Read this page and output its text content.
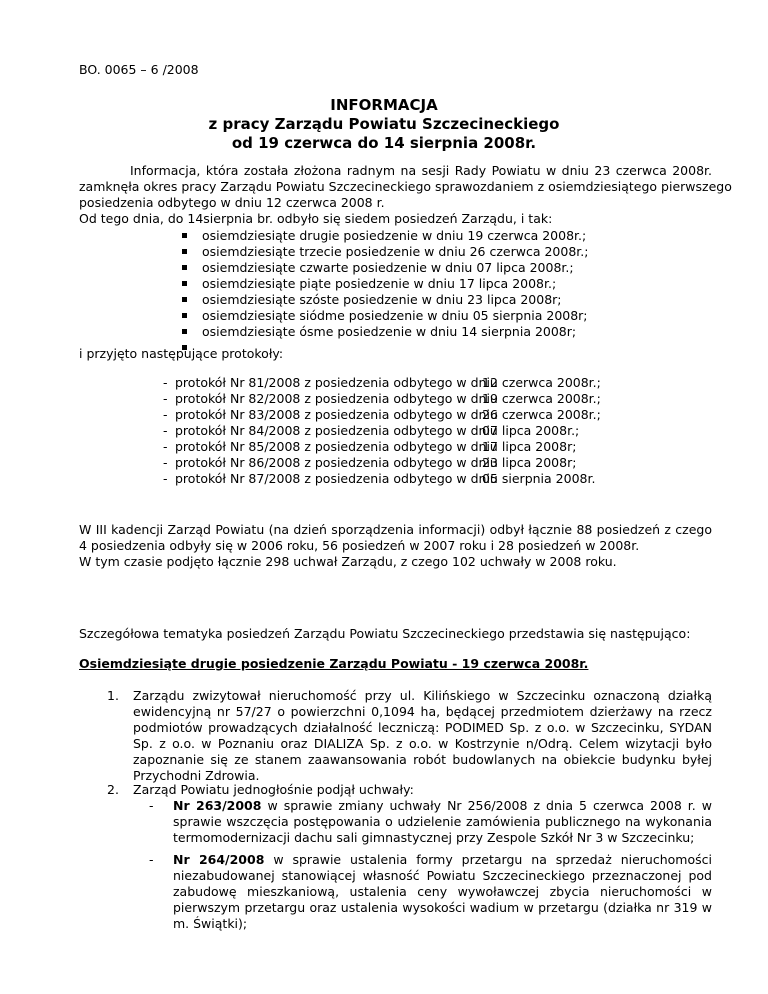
BO. 0065 – 6 /2008
INFORMACJA
z pracy Zarządu Powiatu Szczecineckiego
od 19 czerwca do 14 sierpnia 2008r.

Informacja, która została złożona radnym na sesji Rady Powiatu w dniu 23 czerwca 2008r.

zamknęła okres pracy Zarządu Powiatu Szczecineckiego sprawozdaniem z osiemdziesiątego pierwszego

posiedzenia odbytego w dniu 12 czerwca 2008 r.

Od tego dnia, do 14sierpnia br. odbyło się siedem posiedzeń Zarządu, i tak:

osiemdziesiąte drugie posiedzenie w dniu 19 czerwca 2008r.;
osiemdziesiąte trzecie posiedzenie w dniu 26 czerwca 2008r.;
osiemdziesiąte czwarte posiedzenie w dniu 07 lipca 2008r.;
osiemdziesiąte piąte posiedzenie w dniu 17 lipca 2008r.;
osiemdziesiąte szóste posiedzenie w dniu 23 lipca 2008r;
osiemdziesiąte siódme posiedzenie w dniu 05 sierpnia 2008r;
osiemdziesiąte ósme posiedzenie w dniu 14 sierpnia 2008r;
i przyjęto następujące protokoły:
- protokół Nr 81/2008 z posiedzenia odbytego w dniu12 czerwca 2008r.;
- protokół Nr 82/2008 z posiedzenia odbytego w dniu19 czerwca 2008r.;
- protokół Nr 83/2008 z posiedzenia odbytego w dniu26 czerwca 2008r.;
- protokół Nr 84/2008 z posiedzenia odbytego w dniu07 lipca 2008r.;
- protokół Nr 85/2008 z posiedzenia odbytego w dniu17 lipca 2008r;
- protokół Nr 86/2008 z posiedzenia odbytego w dniu23 lipca 2008r;
- protokół Nr 87/2008 z posiedzenia odbytego w dniu05 sierpnia 2008r.

W III kadencji Zarząd Powiatu (na dzień sporządzenia informacji) odbył łącznie 88 posiedzeń z czego

4 posiedzenia odbyły się w 2006 roku, 56 posiedzeń w 2007 roku i 28 posiedzeń w 2008r.

W tym czasie podjęto łącznie 298 uchwał Zarządu, z czego 102 uchwały w 2008 roku.

Szczegółowa tematyka posiedzeń Zarządu Powiatu Szczecineckiego przedstawia się następująco:
Osiemdziesiąte drugie posiedzenie Zarządu Powiatu - 19 czerwca 2008r.
1.	Zarządu zwizytował nieruchomość przy ul. Kilińskiego w Szczecinku oznaczoną działką ewidencyjną nr 57/27 o powierzchni 0,1094 ha, będącej przedmiotem dzierżawy na rzecz podmiotów prowadzących działalność leczniczą: PODIMED Sp. z o.o. w Szczecinku, SYDAN Sp. z o.o. w Poznaniu oraz DIALIZA Sp. z o.o. w Kostrzynie n/Odrą. Celem wizytacji było zapoznanie się ze stanem zaawansowania robót budowlanych na obiekcie budynku byłej Przychodni Zdrowia.
2.	Zarząd Powiatu jednogłośnie podjął uchwały:
- Nr 263/2008 w sprawie zmiany uchwały Nr 256/2008 z dnia 5 czerwca 2008 r. w sprawie wszczęcia postępowania o udzielenie zamówienia publicznego na wykonania termomodernizacji dachu sali gimnastycznej przy Zespole Szkół Nr 3 w Szczecinku;
- Nr 264/2008 w sprawie ustalenia formy przetargu na sprzedaż nieruchomości niezabudowanej stanowiącej własność Powiatu Szczecineckiego przeznaczonej pod zabudowę mieszkaniową, ustalenia ceny wywoławczej zbycia nieruchomości w pierwszym przetargu oraz ustalenia wysokości wadium w przetargu (działka nr 319 w m. Świątki);
